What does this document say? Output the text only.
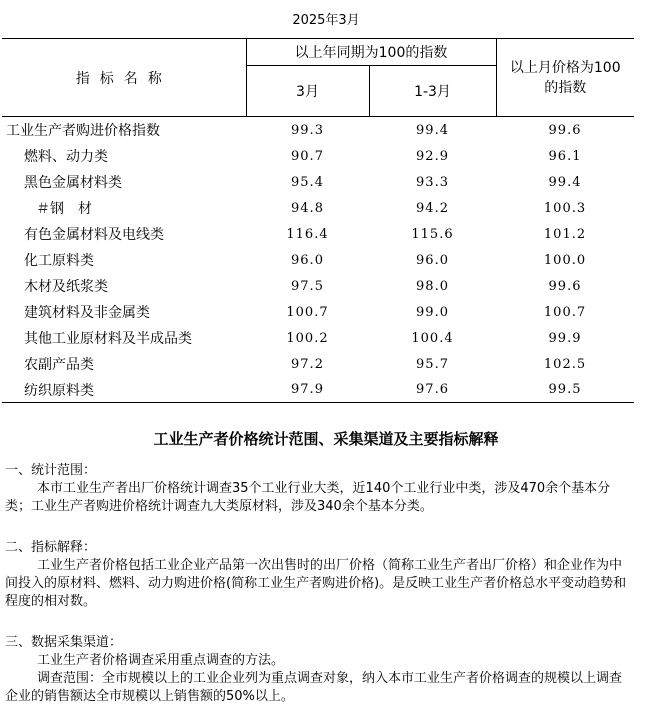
2025年3月
指标名称	以上年同期为100的指数		以上月价格为100
的指数
	3月	1-3月	
工业生产者购进价格指数	99.3	99.4	99.6
燃料、动力类	90.7	92.9	96.1
黑色金属材料类	95.4	93.3	99.4
＃钢　材	94.8	94.2	100.3
有色金属材料及电线类	116.4	115.6	101.2
化工原料类	96.0	96.0	100.0
木材及纸浆类	97.5	98.0	99.6
建筑材料及非金属类	100.7	99.0	100.7
其他工业原材料及半成品类	100.2	100.4	99.9
农副产品类	97.2	95.7	102.5
纺织原料类	97.9	97.6	99.5
工业生产者价格统计范围、采集渠道及主要指标解释
一、统计范围：
本市工业生产者出厂价格统计调查35个工业行业大类，近140个工业行业中类，涉及470余个基本分类；工业生产者购进价格统计调查九大类原材料，涉及340余个基本分类。
二、指标解释：
工业生产者价格包括工业企业产品第一次出售时的出厂价格（简称工业生产者出厂价格）和企业作为中间投入的原材料、燃料、动力购进价格(简称工业生产者购进价格)。是反映工业生产者价格总水平变动趋势和程度的相对数。
三、数据采集渠道：
工业生产者价格调查采用重点调查的方法。
调查范围：全市规模以上的工业企业列为重点调查对象，纳入本市工业生产者价格调查的规模以上调查企业的销售额达全市规模以上销售额的50%以上。
